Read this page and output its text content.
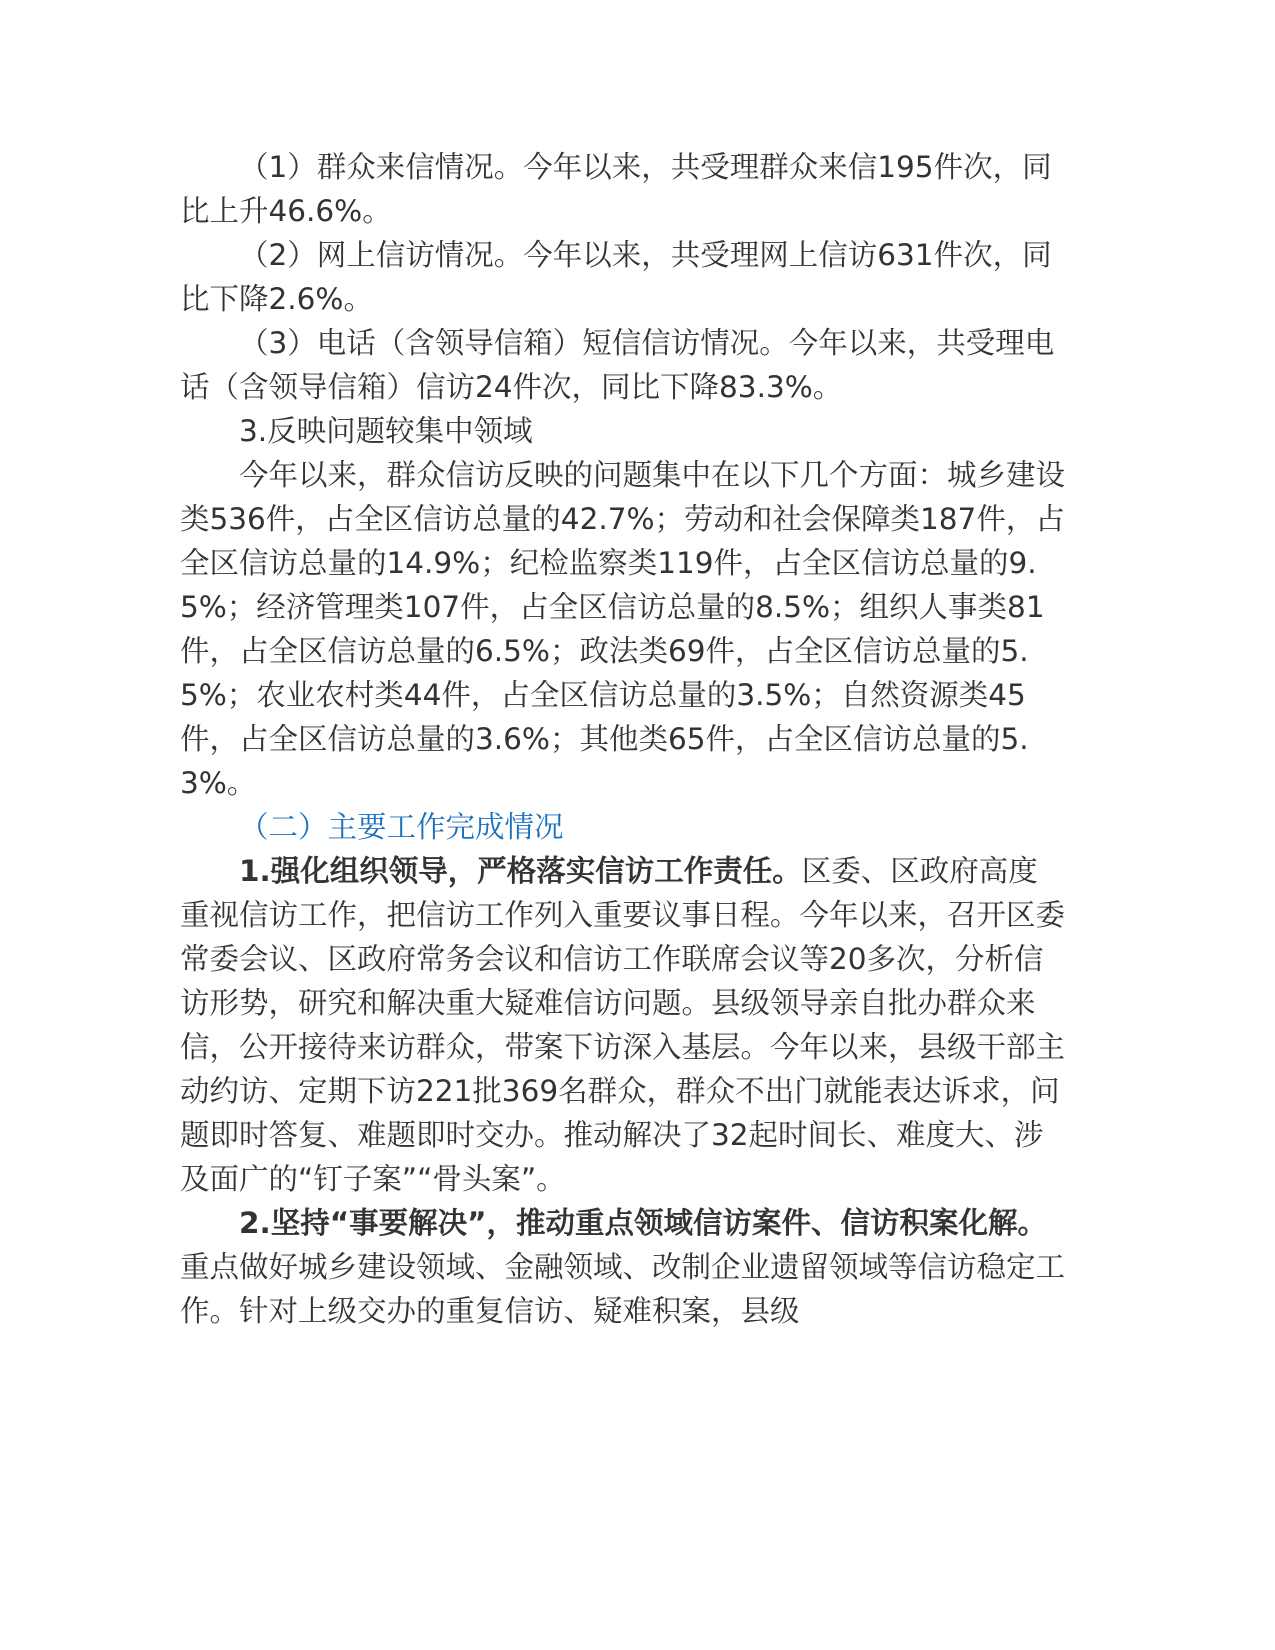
（1）群众来信情况。今年以来，共受理群众来信195件次，同比上升46.6%。

（2）网上信访情况。今年以来，共受理网上信访631件次，同比下降2.6%。

（3）电话（含领导信箱）短信信访情况。今年以来，共受理电话（含领导信箱）信访24件次，同比下降83.3%。

3.反映问题较集中领域

今年以来，群众信访反映的问题集中在以下几个方面：城乡建设类536件，占全区信访总量的42.7%；劳动和社会保障类187件，占全区信访总量的14.9%；纪检监察类119件，占全区信访总量的9.5%；经济管理类107件，占全区信访总量的8.5%；组织人事类81件，占全区信访总量的6.5%；政法类69件，占全区信访总量的5.5%；农业农村类44件，占全区信访总量的3.5%；自然资源类45件，占全区信访总量的3.6%；其他类65件，占全区信访总量的5.3%。

（二）主要工作完成情况

1.强化组织领导，严格落实信访工作责任。区委、区政府高度重视信访工作，把信访工作列入重要议事日程。今年以来，召开区委常委会议、区政府常务会议和信访工作联席会议等20多次，分析信访形势，研究和解决重大疑难信访问题。县级领导亲自批办群众来信，公开接待来访群众，带案下访深入基层。今年以来，县级干部主动约访、定期下访221批369名群众，群众不出门就能表达诉求，问题即时答复、难题即时交办。推动解决了32起时间长、难度大、涉及面广的“钉子案”“骨头案”。

2.坚持“事要解决”，推动重点领域信访案件、信访积案化解。重点做好城乡建设领域、金融领域、改制企业遗留领域等信访稳定工作。针对上级交办的重复信访、疑难积案，县级
